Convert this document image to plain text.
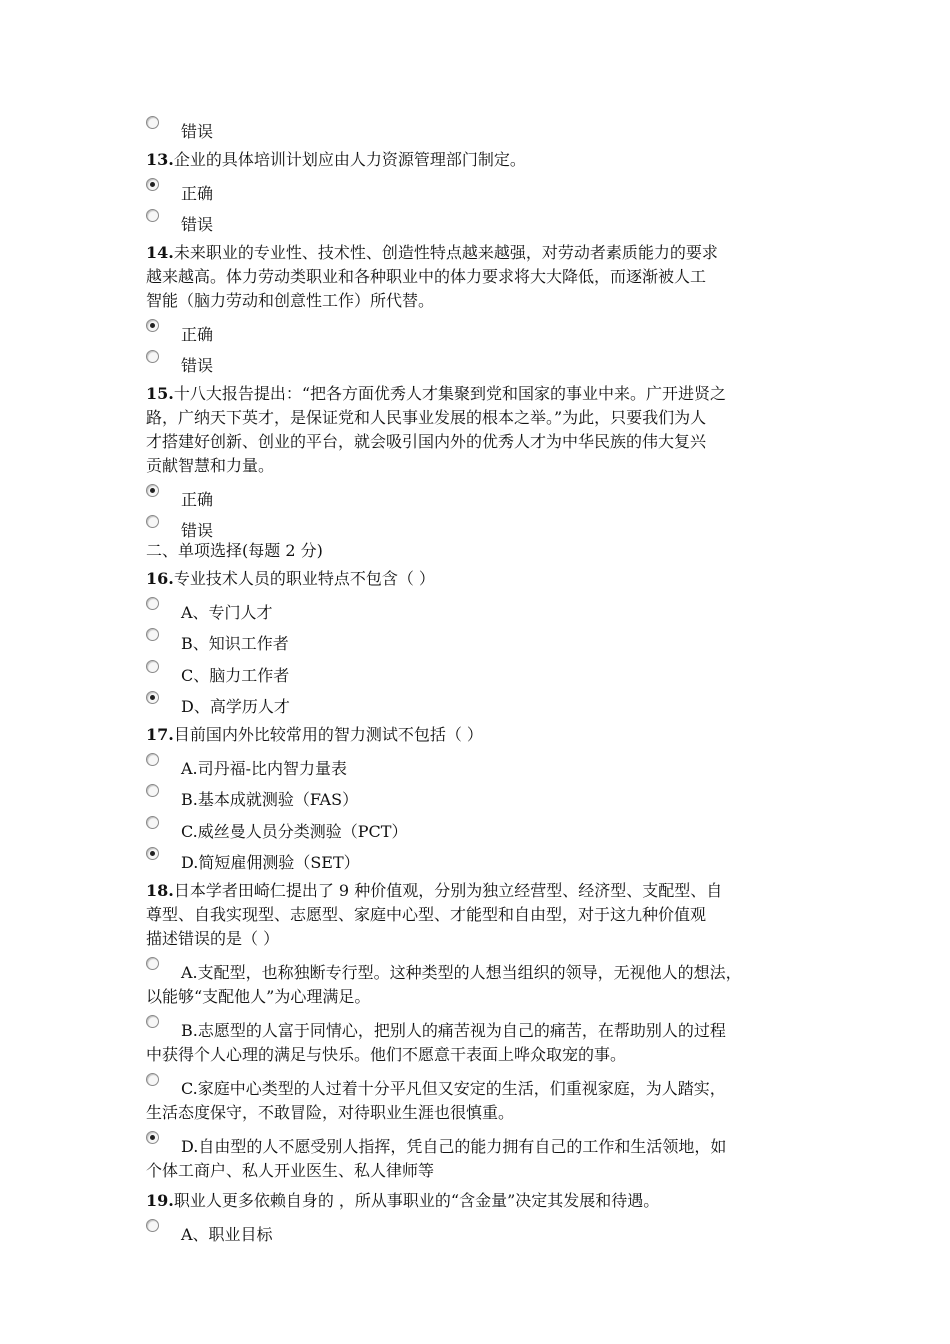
错误
13.企业的具体培训计划应由人力资源管理部门制定。
正确
错误
14.未来职业的专业性、技术性、创造性特点越来越强，对劳动者素质能力的要求
越来越高。体力劳动类职业和各种职业中的体力要求将大大降低，而逐渐被人工
智能（脑力劳动和创意性工作）所代替。
正确
错误
15.十八大报告提出：“把各方面优秀人才集聚到党和国家的事业中来。广开进贤之
路，广纳天下英才，是保证党和人民事业发展的根本之举。”为此，只要我们为人
才搭建好创新、创业的平台，就会吸引国内外的优秀人才为中华民族的伟大复兴
贡献智慧和力量。
正确
错误
二、单项选择(每题 2 分)
16.专业技术人员的职业特点不包含（ ）
A、专门人才
B、知识工作者
C、脑力工作者
D、高学历人才
17.目前国内外比较常用的智力测试不包括（ ）
A.司丹福-比内智力量表
B.基本成就测验（FAS）
C.威丝曼人员分类测验（PCT）
D.简短雇佣测验（SET）
18.日本学者田崎仁提出了 9 种价值观，分别为独立经营型、经济型、支配型、自
尊型、自我实现型、志愿型、家庭中心型、才能型和自由型，对于这九种价值观
描述错误的是（ ）
A.支配型，也称独断专行型。这种类型的人想当组织的领导，无视他人的想法，
以能够“支配他人”为心理满足。
B.志愿型的人富于同情心，把别人的痛苦视为自己的痛苦，在帮助别人的过程
中获得个人心理的满足与快乐。他们不愿意干表面上哗众取宠的事。
C.家庭中心类型的人过着十分平凡但又安定的生活，们重视家庭，为人踏实，
生活态度保守，不敢冒险，对待职业生涯也很慎重。
D.自由型的人不愿受别人指挥，凭自己的能力拥有自己的工作和生活领地，如
个体工商户、私人开业医生、私人律师等
19.职业人更多依赖自身的 ，所从事职业的“含金量”决定其发展和待遇。
A、职业目标
